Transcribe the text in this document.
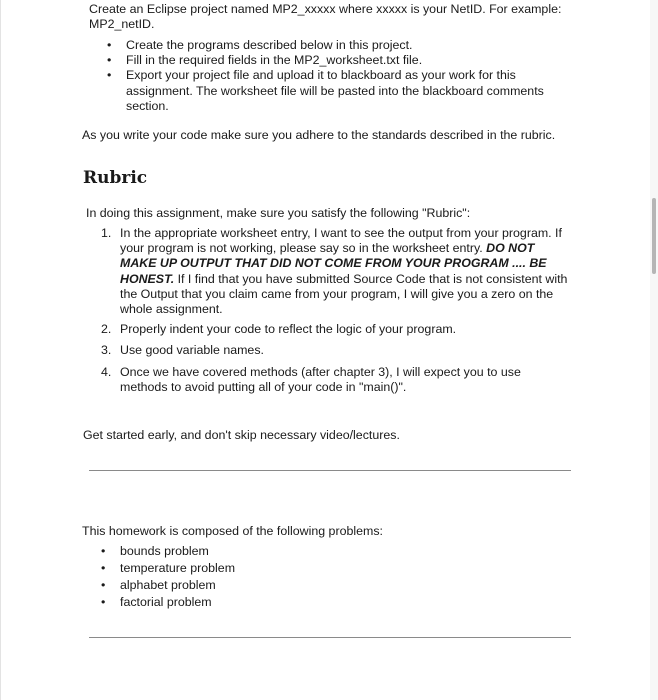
Create an Eclipse project named MP2_xxxxx where xxxxx is your NetID. For example: MP2_netID.
• Create the programs described below in this project.
• Fill in the required fields in the MP2_worksheet.txt file.
• Export your project file and upload it to blackboard as your work for this assignment. The worksheet file will be pasted into the blackboard comments section.
As you write your code make sure you adhere to the standards described in the rubric.
Rubric
In doing this assignment, make sure you satisfy the following "Rubric":
1. In the appropriate worksheet entry, I want to see the output from your program. If your program is not working, please say so in the worksheet entry. DO NOT MAKE UP OUTPUT THAT DID NOT COME FROM YOUR PROGRAM .... BE HONEST. If I find that you have submitted Source Code that is not consistent with the Output that you claim came from your program, I will give you a zero on the whole assignment.
2. Properly indent your code to reflect the logic of your program.
3. Use good variable names.
4. Once we have covered methods (after chapter 3), I will expect you to use methods to avoid putting all of your code in "main()".
Get started early, and don't skip necessary video/lectures.
This homework is composed of the following problems:
• bounds problem
• temperature problem
• alphabet problem
• factorial problem
